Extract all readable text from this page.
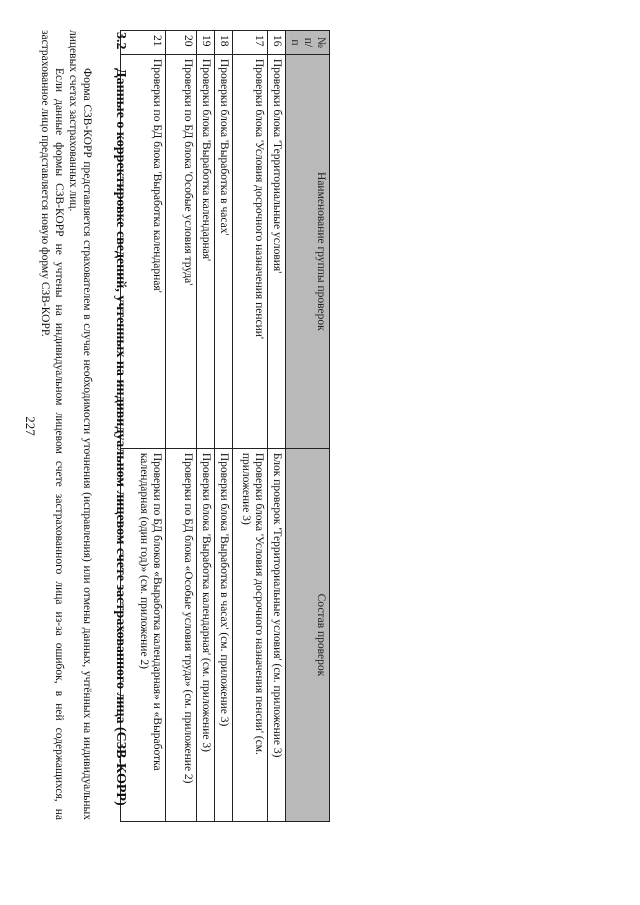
227
№ п/п	Наименование группы проверок	Состав проверок
16	Проверки блока 'Территориальные условия'	Блок проверок 'Территориальные условия' (см. приложение 3)
17	Проверки блока 'Условия досрочного назначения пенсии'	Проверки блока 'Условия досрочного назначения пенсии' (см. приложение 3)
18	Проверки блока 'Выработка в часах'	Проверки блока 'Выработка в часах' (см. приложение 3)
19	Проверки блока 'Выработка календарная'	Проверки блока 'Выработка календарная' (см. приложение 3)
20	Проверки по БД блока 'Особые условия труда'	Проверки по БД блока «Особые условия труда» (см. приложение 2)
21	Проверки по БД блока 'Выработка календарная'	Проверки по БД блоков «Выработка календарная» и «Выработка календарная (один год)» (см. приложение 2)
3.2
Данные о корректировке сведений, учтенных на индивидуальном лицевом счете застрахованного лица (СЗВ-КОРР)
Форма СЗВ-КОРР представляется страхователем в случае необходимости уточнения (исправления) или отмены данных, учтённых на индивидуальных лицевых счетах застрахованных лиц.
Если данные формы СЗВ-КОРР не учтены на индивидуальном лицевом счете застрахованного лица из-за ошибок, в ней содержащихся, на застрахованное лицо представляется новую форму СЗВ-КОРР.
